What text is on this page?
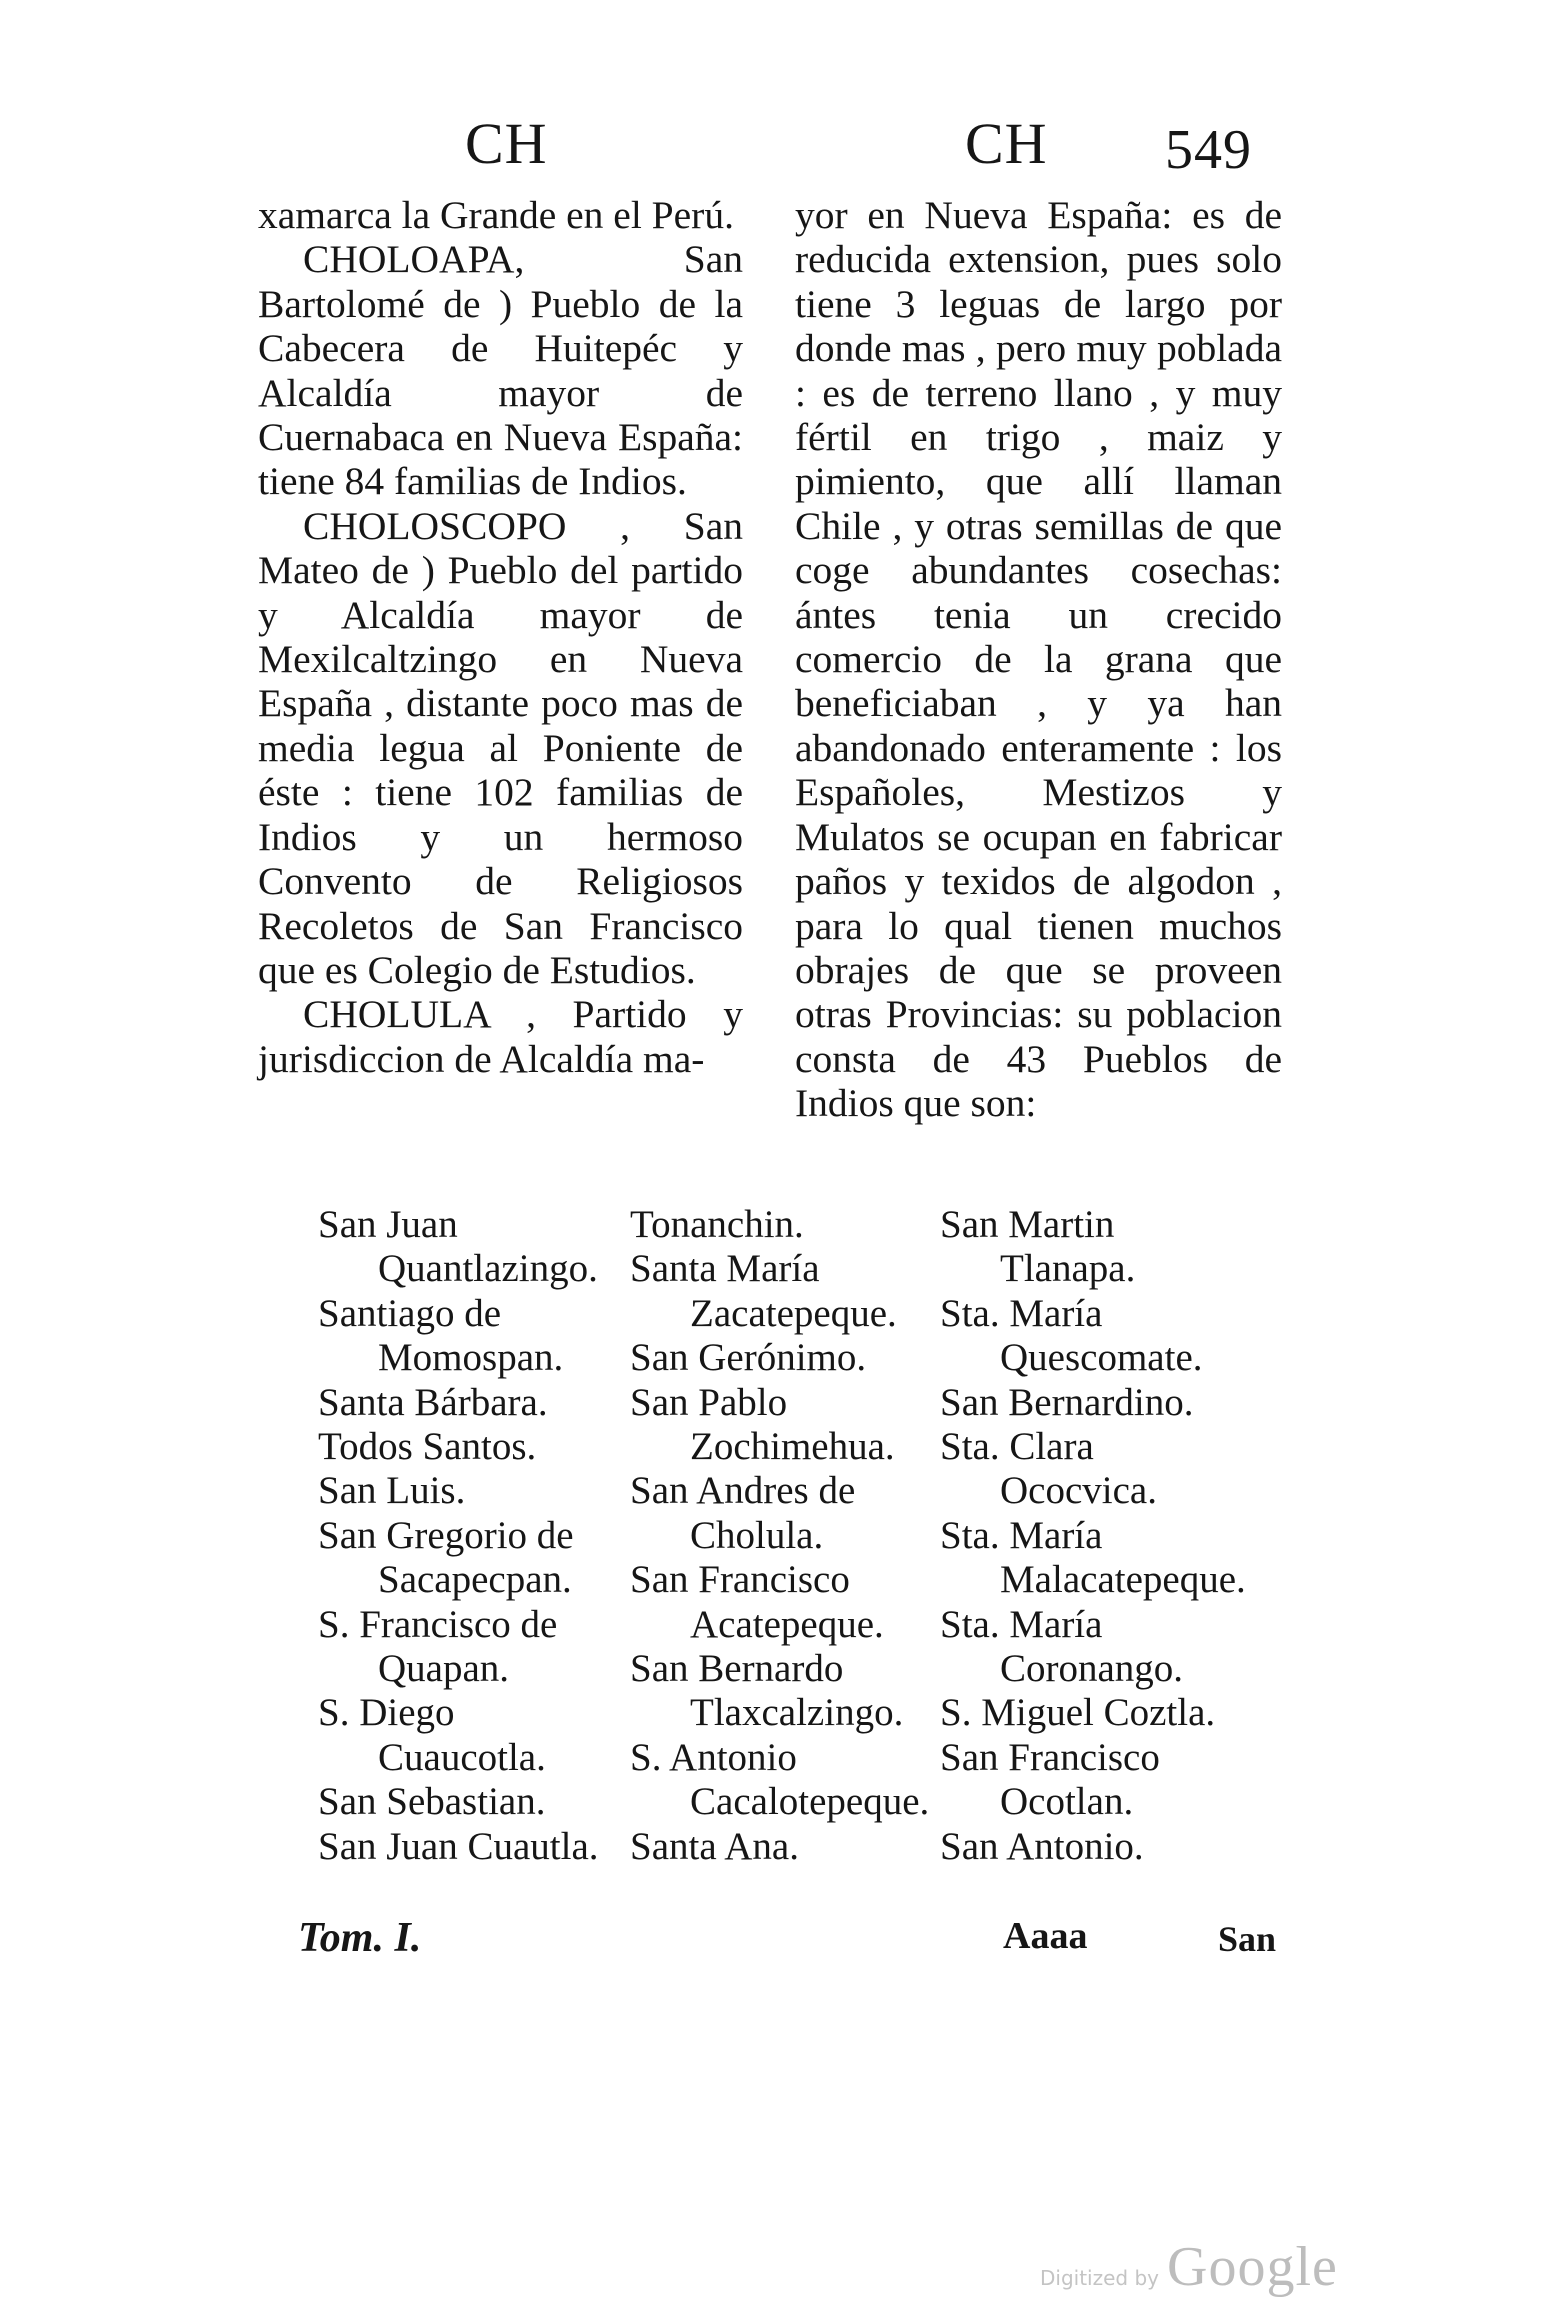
CH	CH 549

xamarca la Grande en el Perú.

CHOLOAPA, San Bartolomé de ) Pueblo de la Cabecera de Huitepéc y Alcaldía mayor de Cuernabaca en Nueva España: tiene 84 familias de Indios.

CHOLOSCOPO , San Mateo de ) Pueblo del partido y Alcaldía mayor de Mexilcaltzingo en Nueva España , distante poco mas de media legua al Poniente de éste : tiene 102 familias de Indios y un hermoso Convento de Religiosos Recoletos de San Francisco que es Colegio de Estudios.

CHOLULA , Partido y jurisdiccion de Alcaldía ma-

yor en Nueva España: es de reducida extension, pues solo tiene 3 leguas de largo por donde mas , pero muy poblada : es de terreno llano , y muy fértil en trigo , maiz y pimiento, que allí llaman Chile , y otras semillas de que coge abundantes cosechas: ántes tenia un crecido comercio de la grana que beneficiaban , y ya han abandonado enteramente : los Españoles, Mestizos y Mulatos se ocupan en fabricar paños y texidos de algodon , para lo qual tienen muchos obrajes de que se proveen otras Provincias: su poblacion consta de 43 Pueblos de Indios que son:

San Juan Quantlazingo.
Santiago de Momospan.
Santa Bárbara.
Todos Santos.
San Luis.
San Gregorio de Sacapecpan.
S. Francisco de Quapan.
S. Diego Cuaucotla.
San Sebastian.
San Juan Cuautla.
Tonanchin.
Santa María Zacatepeque.
San Gerónimo.
San Pablo Zochimehua.
San Andres de Cholula.
San Francisco Acatepeque.
San Bernardo Tlaxcalzingo.
S. Antonio Cacalotepeque.
Santa Ana.
San Martin Tlanapa.
Sta. María Quescomate.
San Bernardino.
Sta. Clara Ococvica.
Sta. María Malacatepeque.
Sta. María Coronango.
S. Miguel Coztla.
San Francisco Ocotlan.
San Antonio.
Tom. I.	Aaaa	San
Digitized by Google
